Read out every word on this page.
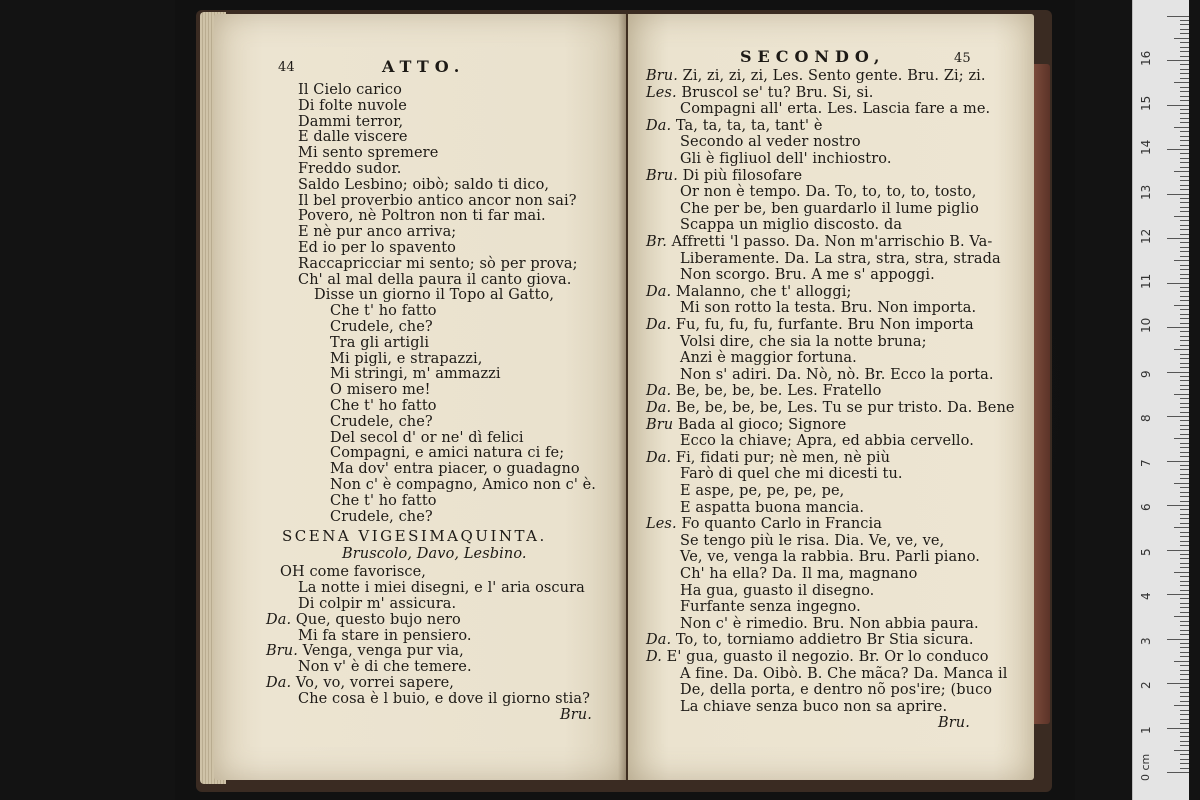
44	ATTO.
Il Cielo carico
Di folte nuvole
Dammi terror,
E dalle viscere
Mi sento spremere
Freddo sudor.
Saldo Lesbino; oibò; saldo ti dico,
Il bel proverbio antico ancor non sai?
Povero, nè Poltron non ti far mai.
E nè pur anco arriva;
Ed io per lo spavento
Raccapricciar mi sento; sò per prova;
Ch' al mal della paura il canto giova.
Disse un giorno il Topo al Gatto,
Che t' ho fatto
Crudele, che?
Tra gli artigli
Mi pigli, e strapazzi,
Mi stringi, m' ammazzi
O misero me!
Che t' ho fatto
Crudele, che?
Del secol d' or ne' dì felici
Compagni, e amici natura ci fe;
Ma dov' entra piacer, o guadagno
Non c' è compagno, Amico non c' è.
Che t' ho fatto
Crudele, che?
SCENA VIGESIMAQUINTA.
Bruscolo, Davo, Lesbino.
OH come favorisce,
La notte i miei disegni, e l' aria oscura
Di colpir m' assicura.
Da. Que, questo bujo nero
Mi fa stare in pensiero.
Bru. Venga, venga pur via,
Non v' è di che temere.
Da. Vo, vo, vorrei sapere,
Che cosa è l buio, e dove il giorno stia?
Bru.
SECONDO,	45
Bru. Zi, zi, zi, zi, Les. Sento gente. Bru. Zi; zi.
Les. Bruscol se' tu? Bru. Si, si.
Compagni all' erta. Les. Lascia fare a me.
Da. Ta, ta, ta, ta, tant' è
Secondo al veder nostro
Gli è figliuol dell' inchiostro.
Bru. Di più filosofare
Or non è tempo. Da. To, to, to, to, tosto,
Che per be, ben guardarlo il lume piglio
Scappa un miglio discosto. da
Br. Affretti 'l passo. Da. Non m'arrischio B. Va-
Liberamente. Da. La stra, stra, stra, strada
Non scorgo. Bru. A me s' appoggi.
Da. Malanno, che t' alloggi;
Mi son rotto la testa. Bru. Non importa.
Da. Fu, fu, fu, fu, furfante. Bru Non importa
Volsi dire, che sia la notte bruna;
Anzi è maggior fortuna.
Non s' adiri. Da. Nò, nò. Br. Ecco la porta.
Da. Be, be, be, be. Les. Fratello
Da. Be, be, be, be, Les. Tu se pur tristo. Da. Bene
Bru Bada al gioco; Signore
Ecco la chiave; Apra, ed abbia cervello.
Da. Fi, fidati pur; nè men, nè più
Farò di quel che mi dicesti tu.
E aspe, pe, pe, pe, pe,
E aspatta buona mancia.
Les. Fo quanto Carlo in Francia
Se tengo più le risa. Dia. Ve, ve, ve,
Ve, ve, venga la rabbia. Bru. Parli piano.
Ch' ha ella? Da. Il ma, magnano
Ha gua, guasto il disegno.
Furfante senza ingegno.
Non c' è rimedio. Bru. Non abbia paura.
Da. To, to, torniamo addietro Br Stia sicura.
D. E' gua, guasto il negozio. Br. Or lo conduco
A fine. Da. Oibò. B. Che mãca? Da. Manca il
De, della porta, e dentro nõ pos'ire; (buco
La chiave senza buco non sa aprire.
Bru.
0 cm
16
15
14
13
12
11
10
9
8
7
6
5
4
3
2
1
